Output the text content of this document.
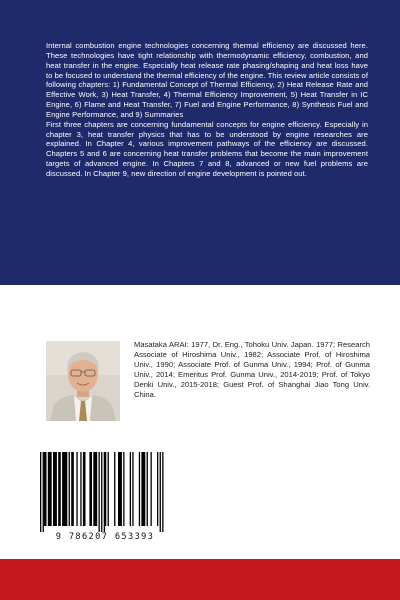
Internal combustion engine technologies concerning thermal efficiency are discussed here. These technologies have tight relationship with thermodynamic efficiency, combustion, and heat transfer in the engine. Especially heat release rate phasing/shaping and heat loss have to be focused to understand the thermal efficiency of the engine. This review article consists of following chapters: 1) Fundamental Concept of Thermal Efficiency, 2) Heat Release Rate and Effective Work, 3) Heat Transfer, 4) Thermal Efficiency Improvement, 5) Heat Transfer in IC Engine, 6) Flame and Heat Transfer, 7) Fuel and Engine Performance, 8) Synthesis Fuel and Engine Performance, and 9) Summaries

First three chapters are concerning fundamental concepts for engine efficiency. Especially in chapter 3, heat transfer physics that has to be understood by engine researches are explained. In Chapter 4, various improvement pathways of the efficiency are discussed. Chapters 5 and 6 are concerning heat transfer problems that become the main improvement targets of advanced engine. In Chapters 7 and 8, advanced or new fuel problems are discussed. In Chapter 9, new direction of engine development is pointed out.

Masataka ARAI: 1977, Dr. Eng., Tohoku Univ. Japan. 1977; Research Associate of Hiroshima Univ., 1982; Associate Prof. of Hiroshima Univ., 1990; Associate Prof. of Gunma Univ., 1994; Prof. of Gunma Univ., 2014; Emeritus Prof. Gunma Univ., 2014-2019; Prof. of Tokyo Denki Univ., 2015-2018; Guest Prof. of Shanghai Jiao Tong Univ. China.
9 786207 653393
